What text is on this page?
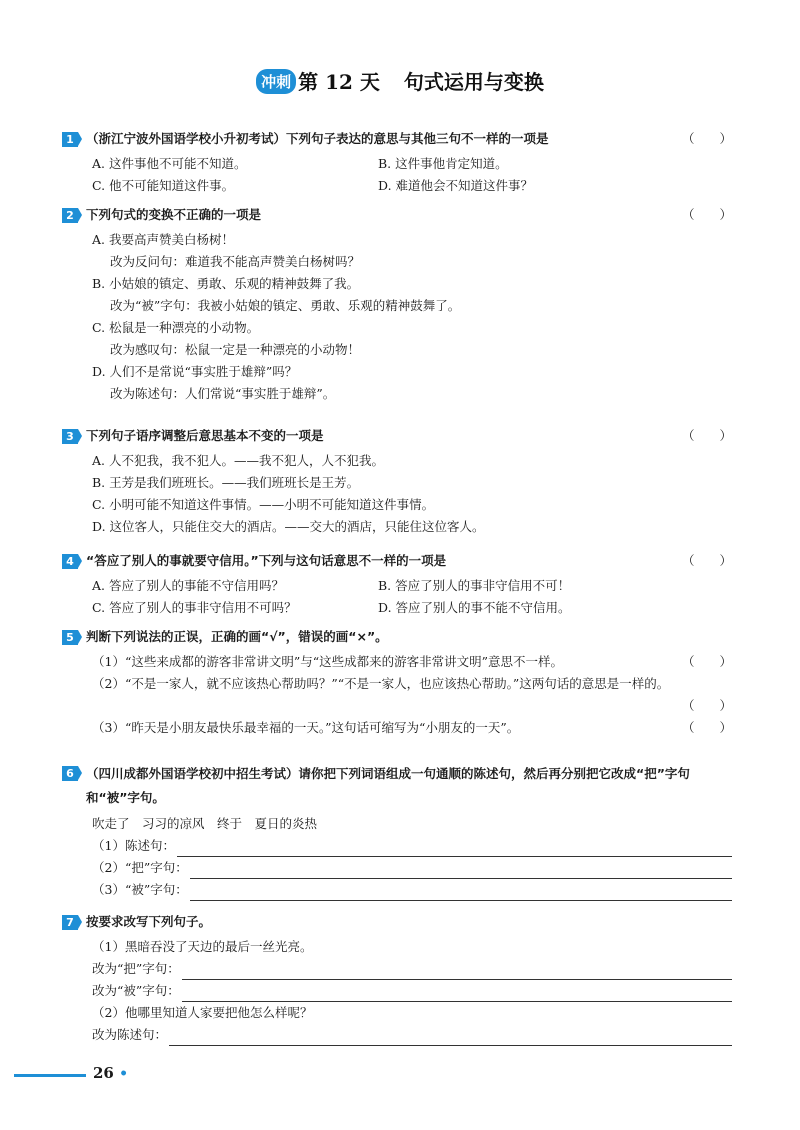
冲刺 第 12 天 句式运用与变换
1 （浙江宁波外国语学校小升初考试）下列句子表达的意思与其他三句不一样的一项是	（　　）
A. 这件事他不可能不知道。	B. 这件事他肯定知道。
C. 他不可能知道这件事。	D. 难道他会不知道这件事？
2 下列句式的变换不正确的一项是	（　　）
A. 我要高声赞美白杨树！
改为反问句：难道我不能高声赞美白杨树吗？
B. 小姑娘的镇定、勇敢、乐观的精神鼓舞了我。
改为“被”字句：我被小姑娘的镇定、勇敢、乐观的精神鼓舞了。
C. 松鼠是一种漂亮的小动物。
改为感叹句：松鼠一定是一种漂亮的小动物！
D. 人们不是常说“事实胜于雄辩”吗？
改为陈述句：人们常说“事实胜于雄辩”。
3 下列句子语序调整后意思基本不变的一项是	（　　）
A. 人不犯我，我不犯人。——我不犯人，人不犯我。
B. 王芳是我们班班长。——我们班班长是王芳。
C. 小明可能不知道这件事情。——小明不可能知道这件事情。
D. 这位客人，只能住交大的酒店。——交大的酒店，只能住这位客人。
4 “答应了别人的事就要守信用。”下列与这句话意思不一样的一项是	（　　）
A. 答应了别人的事能不守信用吗？	B. 答应了别人的事非守信用不可！
C. 答应了别人的事非守信用不可吗？	D. 答应了别人的事不能不守信用。
5 判断下列说法的正误，正确的画“√”，错误的画“×”。
（1）“这些来成都的游客非常讲文明”与“这些成都来的游客非常讲文明”意思不一样。	（　　）
（2）“不是一家人，就不应该热心帮助吗？”“不是一家人，也应该热心帮助。”这两句话的意思是一样的。
（　　）
（3）“昨天是小朋友最快乐最幸福的一天。”这句话可缩写为“小朋友的一天”。	（　　）
6 （四川成都外国语学校初中招生考试）请你把下列词语组成一句通顺的陈述句，然后再分别把它改成“把”字句和“被”字句。
吹走了　习习的凉风　终于　夏日的炎热
（1）陈述句：
（2）“把”字句：
（3）“被”字句：
7 按要求改写下列句子。
（1）黑暗吞没了天边的最后一丝光亮。
改为“把”字句：
改为“被”字句：
（2）他哪里知道人家要把他怎么样呢？
改为陈述句：
26 •
